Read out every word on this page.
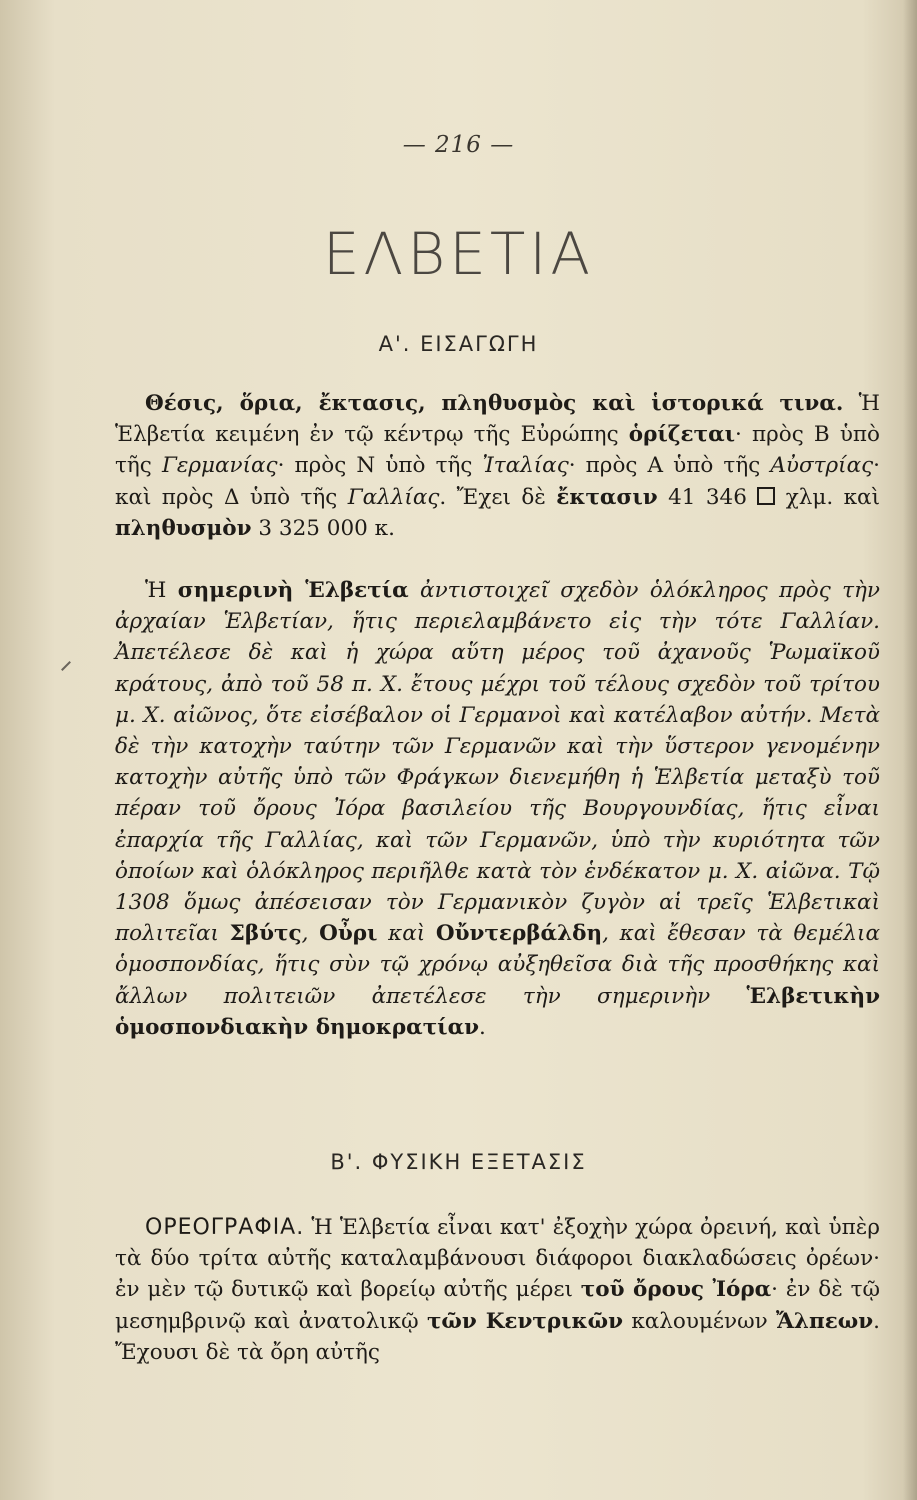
— 216 —
ΕΛΒΕΤΙΑ
Α'. ΕΙΣΑΓΩΓΗ

Θέσις, ὅρια, ἔκτασις, πληθυσμὸς καὶ ἱστορικά τινα. Ἡ Ἑλβετία κειμένη ἐν τῷ κέντρῳ τῆς Εὐρώπης ὁρίζεται· πρὸς Β ὑπὸ τῆς Γερμανίας· πρὸς Ν ὑπὸ τῆς Ἰταλίας· πρὸς Α ὑπὸ τῆς Αὐστρίας· καὶ πρὸς Δ ὑπὸ τῆς Γαλλίας. Ἔχει δὲ ἔκτασιν 41 346  χλμ. καὶ πληθυσμὸν 3 325 000 κ.

Ἡ σημερινὴ Ἑλβετία ἀντιστοιχεῖ σχεδὸν ὁλόκληρος πρὸς τὴν ἀρχαίαν Ἑλβετίαν, ἥτις περιελαμβάνετο εἰς τὴν τότε Γαλλίαν. Ἀπετέλεσε δὲ καὶ ἡ χώρα αὕτη μέρος τοῦ ἀχανοῦς Ῥωμαϊκοῦ κράτους, ἀπὸ τοῦ 58 π. Χ. ἔτους μέχρι τοῦ τέλους σχεδὸν τοῦ τρίτου μ. Χ. αἰῶνος, ὅτε εἰσέβαλον οἱ Γερμανοὶ καὶ κατέλαβον αὐτήν. Μετὰ δὲ τὴν κατοχὴν ταύτην τῶν Γερμανῶν καὶ τὴν ὕστερον γενομένην κατοχὴν αὐτῆς ὑπὸ τῶν Φράγκων διενεμήθη ἡ Ἑλβετία μεταξὺ τοῦ πέραν τοῦ ὄρους Ἰόρα βασιλείου τῆς Βουργουνδίας, ἥτις εἶναι ἐπαρχία τῆς Γαλλίας, καὶ τῶν Γερμανῶν, ὑπὸ τὴν κυριότητα τῶν ὁποίων καὶ ὁλόκληρος περιῆλθε κατὰ τὸν ἑνδέκατον μ. Χ. αἰῶνα. Τῷ 1308 ὅμως ἀπέσεισαν τὸν Γερμανικὸν ζυγὸν αἱ τρεῖς Ἑλβετικαὶ πολιτεῖαι Σβύτς, Οὖρι καὶ Οὔντερβάλδη, καὶ ἔθεσαν τὰ θεμέλια ὁμοσπονδίας, ἥτις σὺν τῷ χρόνῳ αὐξηθεῖσα διὰ τῆς προσθήκης καὶ ἄλλων πολιτειῶν ἀπετέλεσε τὴν σημερινὴν Ἑλβετικὴν ὁμοσπονδιακὴν δημοκρατίαν.

Β'. ΦΥΣΙΚΗ ΕΞΕΤΑΣΙΣ

ΟΡΕΟΓΡΑΦΙΑ. Ἡ Ἑλβετία εἶναι κατ' ἐξοχὴν χώρα ὀρεινή, καὶ ὑπὲρ τὰ δύο τρίτα αὐτῆς καταλαμβάνουσι διάφοροι διακλαδώσεις ὀρέων· ἐν μὲν τῷ δυτικῷ καὶ βορείῳ αὐτῆς μέρει τοῦ ὄρους Ἰόρα· ἐν δὲ τῷ μεσημβρινῷ καὶ ἀνατολικῷ τῶν Κεντρικῶν καλουμένων Ἄλπεων. Ἔχουσι δὲ τὰ ὄρη αὐτῆς
